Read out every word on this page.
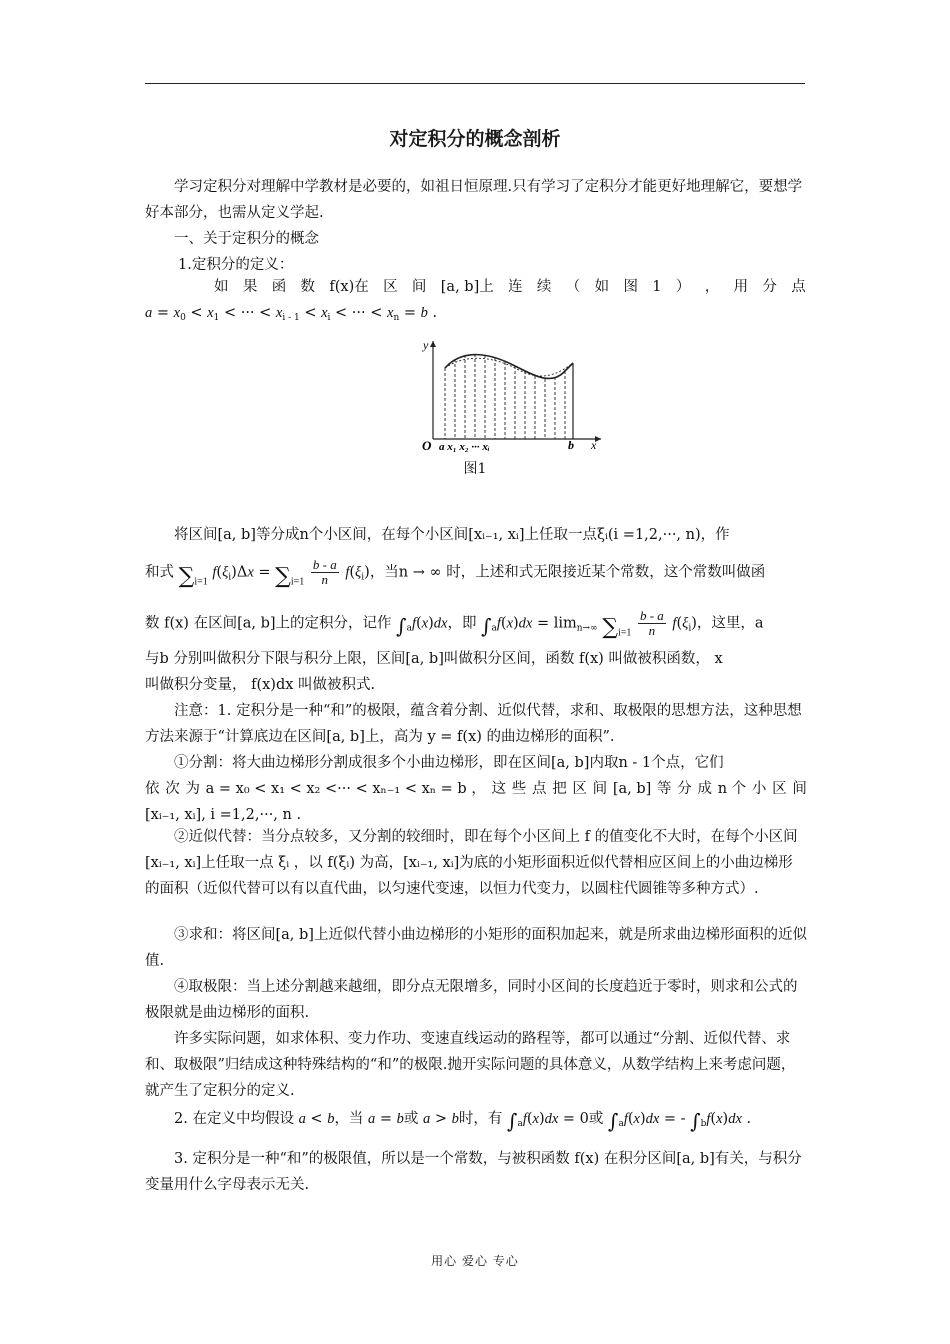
对定积分的概念剖析

学习定积分对理解中学教材是必要的，如祖日恒原理.只有学习了定积分才能更好地理解它，要想学好本部分，也需从定义学起.

一、关于定积分的概念
1.定积分的定义：
如 果 函 数 f(x)在 区 间 [a, b]上 连 续 （ 如 图 1 ） ， 用 分 点
$a = x_0 < x_1$ < ··· < $x_{i - 1} < x_i$ < ··· < $x_n = b$ .
y
x
O a x₁ x₂ ··· xᵢ	b
图1
将区间[a, b]等分成n个小区间，在每个小区间[xᵢ₋₁, xᵢ]上任取一点ξᵢ(i =1,2,···, n)，作
和式 $\sum_{i=1}$ $f(\xi_i)\Delta x = \sum_{i=1} \frac{b - a}{n} f(\xi_i)$，当n → ∞ 时，上述和式无限接近某个常数，这个常数叫做函
数 f(x) 在区间[a, b]上的定积分，记作 $\int_af(x)dx$，即 $\int_af(x)dx = \lim_{n\to\infty} \sum_{i=1} \frac{b - a}{n} f(\xi_i)$，这里，a
与b 分别叫做积分下限与积分上限，区间[a, b]叫做积分区间，函数 f(x) 叫做被积函数， x
叫做积分变量， f(x)dx 叫做被积式.

注意：1. 定积分是一种“和”的极限，蕴含着分割、近似代替，求和、取极限的思想方法，这种思想方法来源于“计算底边在区间[a, b]上，高为 y = f(x) 的曲边梯形的面积”.

①分割：将大曲边梯形分割成很多个小曲边梯形，即在区间[a, b]内取n - 1个点，它们
依 次 为 a = x₀ < x₁ < x₂ <··· < xₙ₋₁ < xₙ = b ， 这 些 点 把 区 间 [a, b] 等 分 成 n 个 小 区 间
[xᵢ₋₁, xᵢ], i =1,2,···, n .

②近似代替：当分点较多，又分割的较细时，即在每个小区间上 f 的值变化不大时，在每个小区间[xᵢ₋₁, xᵢ]上任取一点 ξᵢ ，以 f(ξᵢ) 为高，[xᵢ₋₁, xᵢ]为底的小矩形面积近似代替相应区间上的小曲边梯形的面积（近似代替可以有以直代曲，以匀速代变速，以恒力代变力，以圆柱代圆锥等多种方式）.

③求和：将区间[a, b]上近似代替小曲边梯形的小矩形的面积加起来，就是所求曲边梯形面积的近似值.

④取极限：当上述分割越来越细，即分点无限增多，同时小区间的长度趋近于零时，则求和公式的极限就是曲边梯形的面积.

许多实际问题，如求体积、变力作功、变速直线运动的路程等，都可以通过“分割、近似代替、求和、取极限”归结成这种特殊结构的“和”的极限.抛开实际问题的具体意义，从数学结构上来考虑问题，就产生了定积分的定义.

2. 在定义中均假设 a < b，当 a = b或 a > b时，有 $\int_af(x)dx = 0$或 $\int_af(x)dx$ = - $\int_bf(x)dx$ .

3. 定积分是一种“和”的极限值，所以是一个常数，与被积函数 f(x) 在积分区间[a, b]有关，与积分变量用什么字母表示无关.

用心 爱心 专心
